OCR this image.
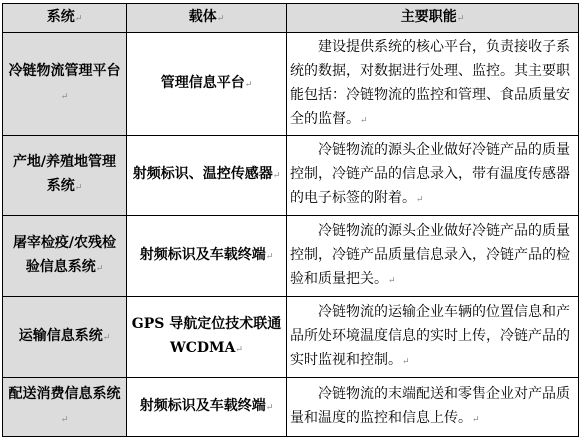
系统↵	载体↵	主要职能↵
冷链物流管理平台↵	管理信息平台↵	建设提供系统的核心平台，负责接收子系统的数据，对数据进行处理、监控。其主要职能包括：冷链物流的监控和管理、食品质量安全的监督。↵
产地/养殖地管理系统↵	射频标识、温控传感器↵	冷链物流的源头企业做好冷链产品的质量控制，冷链产品的信息录入，带有温度传感器的电子标签的附着。↵
屠宰检疫/农残检验信息系统↵	射频标识及车载终端↵	冷链物流的源头企业做好冷链产品的质量控制，冷链产品质量信息录入，冷链产品的检验和质量把关。↵
运输信息系统↵	GPS 导航定位技术联通 WCDMA↵	冷链物流的运输企业车辆的位置信息和产品所处环境温度信息的实时上传，冷链产品的实时监视和控制。↵
配送消费信息系统↵	射频标识及车载终端↵	冷链物流的末端配送和零售企业对产品质量和温度的监控和信息上传。↵
